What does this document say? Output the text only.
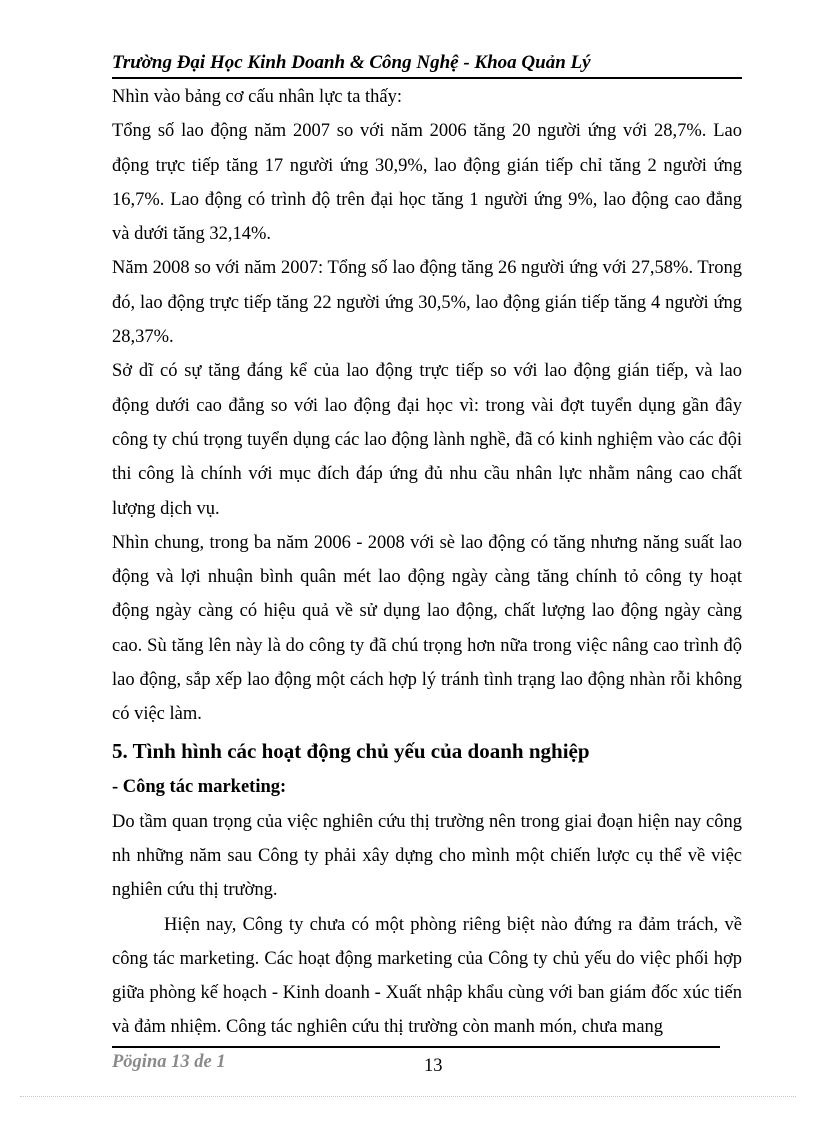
Trường Đại Học Kinh Doanh & Công Nghệ - Khoa Quản Lý

Nhìn vào bảng cơ cấu nhân lực ta thấy:

Tổng số lao động năm 2007 so với năm 2006 tăng 20 người ứng với 28,7%. Lao động trực tiếp tăng 17 người ứng 30,9%, lao động gián tiếp chỉ tăng 2 người ứng 16,7%. Lao động có trình độ trên đại học tăng 1 người ứng 9%, lao động cao đẳng và dưới tăng 32,14%.

Năm 2008 so với năm 2007: Tổng số lao động tăng 26 người ứng với 27,58%. Trong đó, lao động trực tiếp tăng 22 người ứng 30,5%, lao động gián tiếp tăng 4 người ứng 28,37%.

Sở dĩ có sự tăng đáng kể của lao động trực tiếp so với lao động gián tiếp, và lao động dưới cao đẳng so với lao động đại học vì: trong vài đợt tuyển dụng gần đây công ty chú trọng tuyển dụng các lao động lành nghề, đã có kinh nghiệm vào các đội thi công là chính với mục đích đáp ứng đủ nhu cầu nhân lực nhằm nâng cao chất lượng dịch vụ.

Nhìn chung, trong ba năm 2006 - 2008 với sè lao động có tăng nhưng năng suất lao động và lợi nhuận bình quân mét lao động ngày càng tăng chính tỏ công ty hoạt động ngày càng có hiệu quả về sử dụng lao động, chất lượng lao động ngày càng cao. Sù tăng lên này là do công ty đã chú trọng hơn nữa trong việc nâng cao trình độ lao động, sắp xếp lao động một cách hợp lý tránh tình trạng lao động nhàn rỗi không có việc làm.

5. Tình hình các hoạt động chủ yếu của doanh nghiệp

- Công tác marketing:

Do tầm quan trọng của việc nghiên cứu thị trường nên trong giai đoạn hiện nay công nh những năm sau Công ty phải xây dựng cho mình một chiến lược cụ thể về việc nghiên cứu thị trường.

Hiện nay, Công ty chưa có một phòng riêng biệt nào đứng ra đảm trách, về công tác marketing. Các hoạt động marketing của Công ty chủ yếu do việc phối hợp giữa phòng kế hoạch - Kinh doanh - Xuất nhập khẩu cùng với ban giám đốc xúc tiến và đảm nhiệm. Công tác nghiên cứu thị trường còn manh món, chưa mang

Pögina 13 de 1	13
